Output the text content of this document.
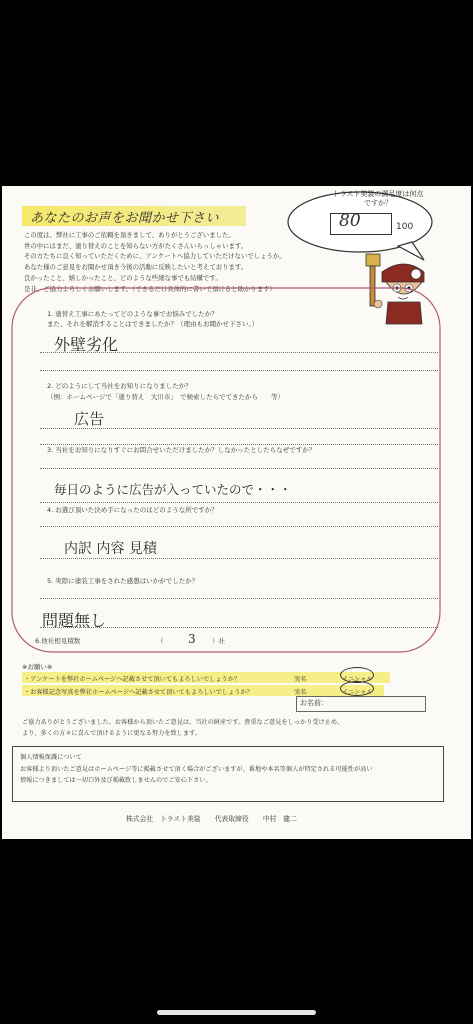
あなたのお声をお聞かせ下さい
この度は、弊社に工事のご依頼を頂きまして、ありがとうございました。
世の中にはまだ、塗り替えのことを知らない方がたくさんいらっしゃいます。
その方たちに良く知っていただくために、アンケートへ協力していただけないでしょうか。
あなた様のご意見をお聞かせ頂き今後の活動に反映したいと考えております。
良かったこと、嬉しかったこと、どのような些細な事でも結構です。
是非、ご協力よろしくお願いします。（できるだけ具体的に書いて頂けると助かります）
トラスト美装の満足度は何点ですか？
80	100
1. 塗替え工事にあたってどのような事でお悩みでしたか？
また、それを解消することはできましたか？（理由もお聞かせ下さい。）
外壁劣化
2. どのようにして当社をお知りになりましたか？
（例：ホームページで「塗り替え　大川市」　で検索したらでてきたから　　等）
広告
3. 当社をお知りになりすぐにお問合せいただけましたか？しなかったとしたらなぜですか？
毎日のように広告が入っていたので・・・
4. お選び頂いた決め手になったのはどのような所ですか？
内訳 内容 見積
5. 実際に塗装工事をされた感想はいかがでしたか？
問題無し
6.他社相見積数	（ 3	）社
※お願い※
・アンケートを弊社ホームページへ記載させて頂いてもよろしいでしょうか？	実名	イニシャル
・お客様記念写真を弊社ホームページへ記載させて頂いてもよろしいでしょうか？	実名	イニシャル
お名前：
ご協力ありがとうございました。お客様から頂いたご意見は、当社の財産です。貴重なご意見をしっかり受け止め、
より、多くの方々に喜んで頂けるように更なる努力を致します。
個人情報保護について
お客様より頂いたご意見はホームページ等に掲載させて頂く場合がございますが、番地や本名等個人が特定される可能性が高い
情報につきましては一切口外及び掲載致しませんのでご安心下さい。
株式会社　トラスト美装 代表取締役 中村　龍二
